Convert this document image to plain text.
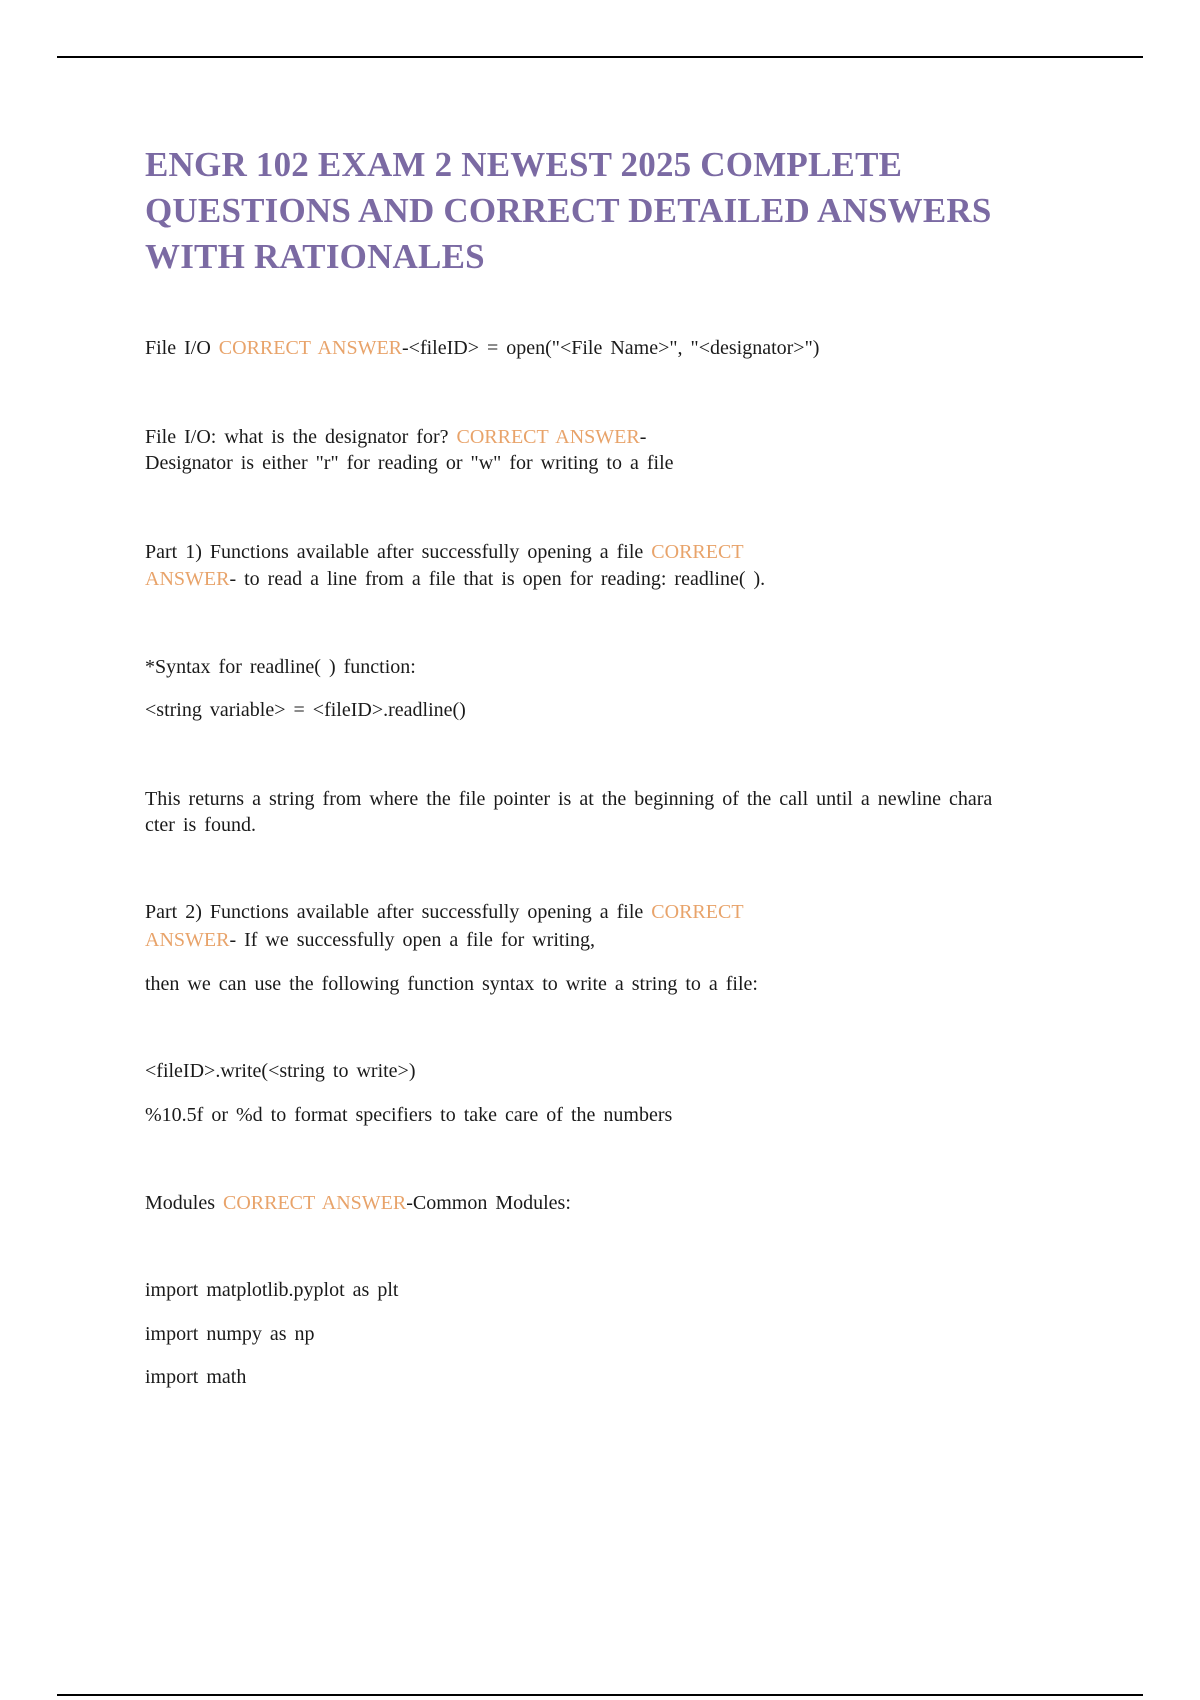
ENGR 102 EXAM 2 NEWEST 2025 COMPLETE
QUESTIONS AND CORRECT DETAILED ANSWERS
WITH RATIONALES

File I/O CORRECT ANSWER-<fileID> = open("<File Name>", "<designator>")

File I/O: what is the designator for? CORRECT ANSWER-

Designator is either "r" for reading or "w" for writing to a file

Part 1) Functions available after successfully opening a file CORRECT

ANSWER- to read a line from a file that is open for reading: readline( ).

*Syntax for readline( ) function:

<string variable> = <fileID>.readline()

This returns a string from where the file pointer is at the beginning of the call until a newline chara

cter is found.

Part 2) Functions available after successfully opening a file CORRECT

ANSWER- If we successfully open a file for writing,

then we can use the following function syntax to write a string to a file:

<fileID>.write(<string to write>)

%10.5f or %d to format specifiers to take care of the numbers

Modules CORRECT ANSWER-Common Modules:

import matplotlib.pyplot as plt

import numpy as np

import math
